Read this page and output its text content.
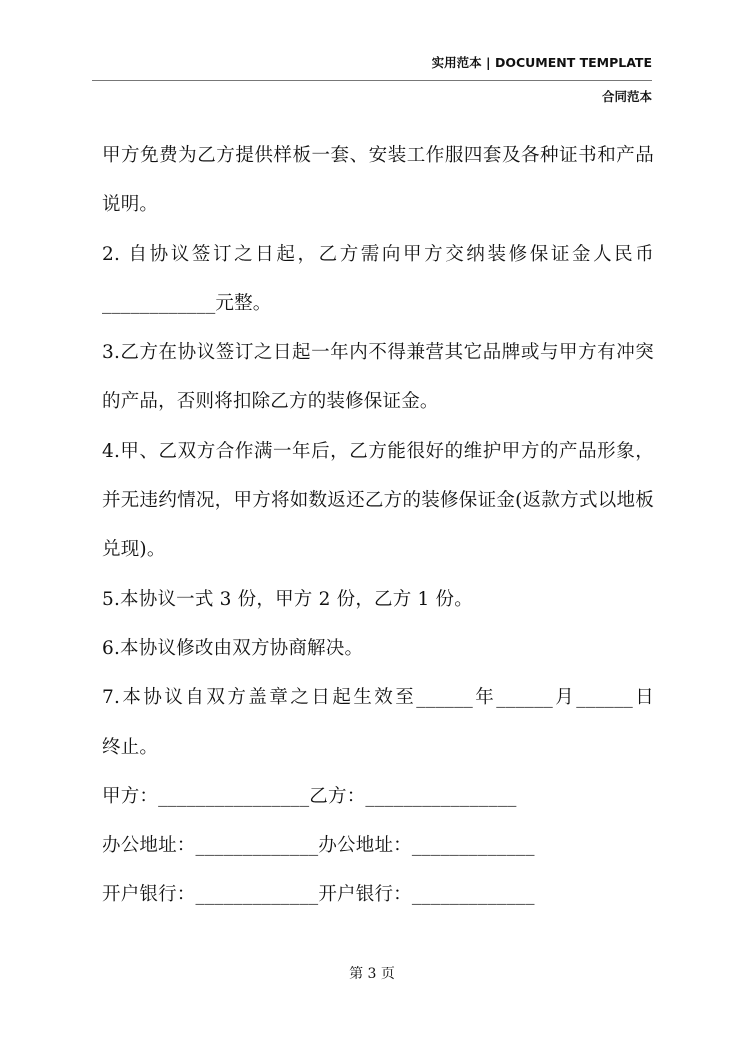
实用范本 | DOCUMENT TEMPLATE
合同范本
甲方免费为乙方提供样板一套、安装工作服四套及各种证书和产品
说明。
2. 自协议签订之日起，乙方需向甲方交纳装修保证金人民币
____________元整。
3.乙方在协议签订之日起一年内不得兼营其它品牌或与甲方有冲突
的产品，否则将扣除乙方的装修保证金。
4.甲、乙双方合作满一年后，乙方能很好的维护甲方的产品形象，
并无违约情况，甲方将如数返还乙方的装修保证金(返款方式以地板
兑现)。
5.本协议一式 3 份，甲方 2 份，乙方 1 份。
6.本协议修改由双方协商解决。
7.本协议自双方盖章之日起生效至______年______月______日
终止。
甲方：________________乙方：________________
办公地址：_____________办公地址：_____________
开户银行：_____________开户银行：_____________
第 3 页
